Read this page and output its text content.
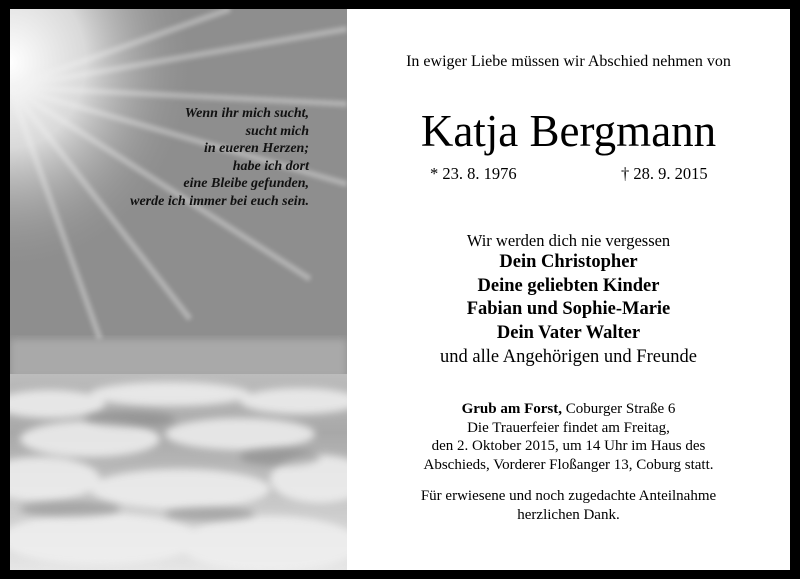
Wenn ihr mich sucht,
sucht mich
in eueren Herzen;
habe ich dort
eine Bleibe gefunden,
werde ich immer bei euch sein.
In ewiger Liebe müssen wir Abschied nehmen von
Katja Bergmann
* 23. 8. 1976	† 28. 9. 2015
Wir werden dich nie vergessen
Dein Christopher
Deine geliebten Kinder
Fabian und Sophie-Marie
Dein Vater Walter
und alle Angehörigen und Freunde
Grub am Forst, Coburger Straße 6
Die Trauerfeier findet am Freitag,
den 2. Oktober 2015, um 14 Uhr im Haus des
Abschieds, Vorderer Floßanger 13, Coburg statt.
Für erwiesene und noch zugedachte Anteilnahme
herzlichen Dank.
